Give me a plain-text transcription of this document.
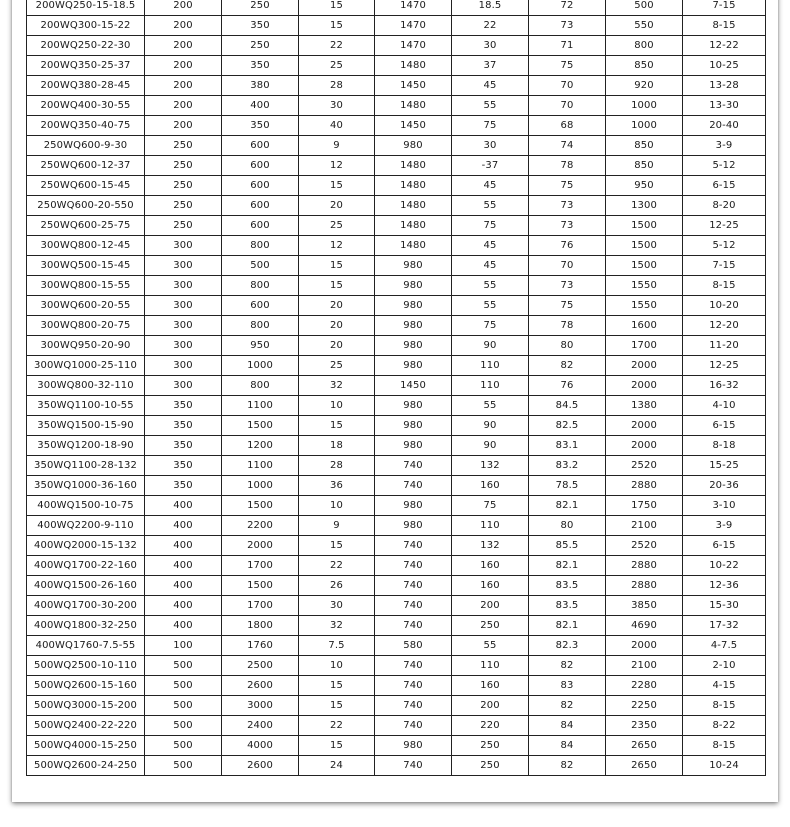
200WQ250-15-18.5	200	250	15	1470	18.5	72	500	7-15
200WQ300-15-22	200	350	15	1470	22	73	550	8-15
200WQ250-22-30	200	250	22	1470	30	71	800	12-22
200WQ350-25-37	200	350	25	1480	37	75	850	10-25
200WQ380-28-45	200	380	28	1450	45	70	920	13-28
200WQ400-30-55	200	400	30	1480	55	70	1000	13-30
200WQ350-40-75	200	350	40	1450	75	68	1000	20-40
250WQ600-9-30	250	600	9	980	30	74	850	3-9
250WQ600-12-37	250	600	12	1480	-37	78	850	5-12
250WQ600-15-45	250	600	15	1480	45	75	950	6-15
250WQ600-20-550	250	600	20	1480	55	73	1300	8-20
250WQ600-25-75	250	600	25	1480	75	73	1500	12-25
300WQ800-12-45	300	800	12	1480	45	76	1500	5-12
300WQ500-15-45	300	500	15	980	45	70	1500	7-15
300WQ800-15-55	300	800	15	980	55	73	1550	8-15
300WQ600-20-55	300	600	20	980	55	75	1550	10-20
300WQ800-20-75	300	800	20	980	75	78	1600	12-20
300WQ950-20-90	300	950	20	980	90	80	1700	11-20
300WQ1000-25-110	300	1000	25	980	110	82	2000	12-25
300WQ800-32-110	300	800	32	1450	110	76	2000	16-32
350WQ1100-10-55	350	1100	10	980	55	84.5	1380	4-10
350WQ1500-15-90	350	1500	15	980	90	82.5	2000	6-15
350WQ1200-18-90	350	1200	18	980	90	83.1	2000	8-18
350WQ1100-28-132	350	1100	28	740	132	83.2	2520	15-25
350WQ1000-36-160	350	1000	36	740	160	78.5	2880	20-36
400WQ1500-10-75	400	1500	10	980	75	82.1	1750	3-10
400WQ2200-9-110	400	2200	9	980	110	80	2100	3-9
400WQ2000-15-132	400	2000	15	740	132	85.5	2520	6-15
400WQ1700-22-160	400	1700	22	740	160	82.1	2880	10-22
400WQ1500-26-160	400	1500	26	740	160	83.5	2880	12-36
400WQ1700-30-200	400	1700	30	740	200	83.5	3850	15-30
400WQ1800-32-250	400	1800	32	740	250	82.1	4690	17-32
400WQ1760-7.5-55	100	1760	7.5	580	55	82.3	2000	4-7.5
500WQ2500-10-110	500	2500	10	740	110	82	2100	2-10
500WQ2600-15-160	500	2600	15	740	160	83	2280	4-15
500WQ3000-15-200	500	3000	15	740	200	82	2250	8-15
500WQ2400-22-220	500	2400	22	740	220	84	2350	8-22
500WQ4000-15-250	500	4000	15	980	250	84	2650	8-15
500WQ2600-24-250	500	2600	24	740	250	82	2650	10-24
